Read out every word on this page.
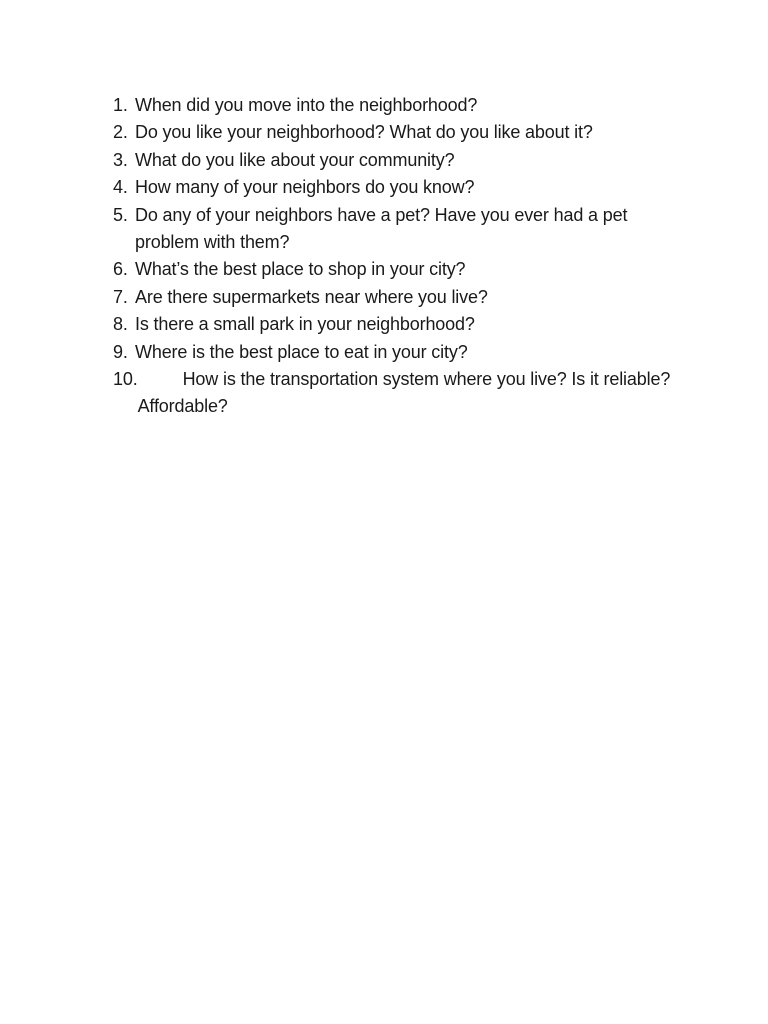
1. When did you move into the neighborhood?
2. Do you like your neighborhood? What do you like about it?
3. What do you like about your community?
4. How many of your neighbors do you know?
5. Do any of your neighbors have a pet? Have you ever had a pet problem with them?
6. What’s the best place to shop in your city?
7. Are there supermarkets near where you live?
8. Is there a small park in your neighborhood?
9. Where is the best place to eat in your city?
10.	How is the transportation system where you live? Is it reliable? Affordable?
